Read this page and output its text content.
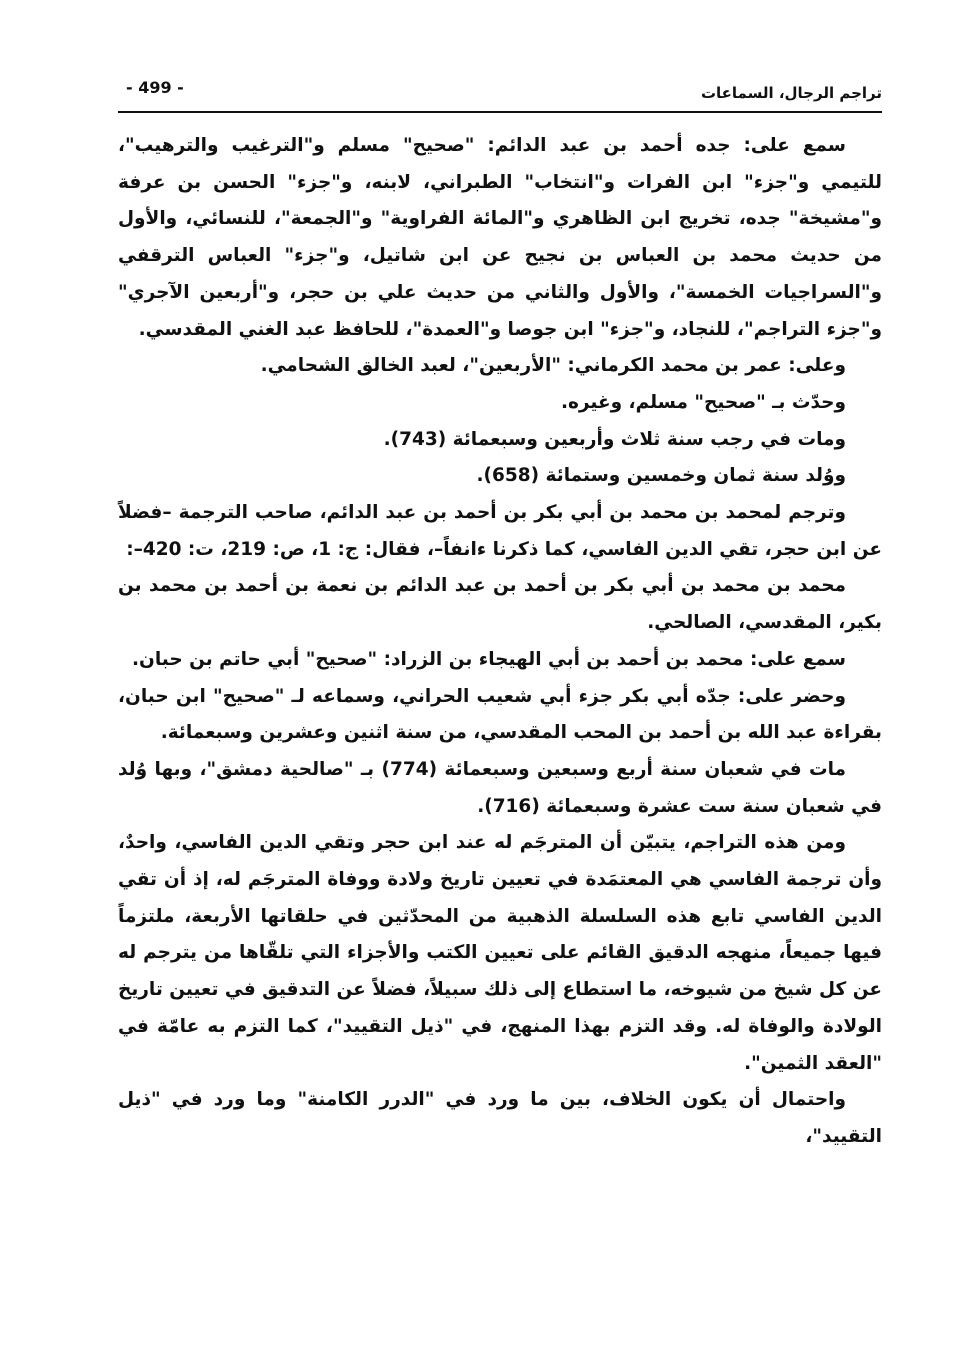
تراجم الرجال، السماعات
- 499 -

سمع على: جده أحمد بن عبد الدائم: "صحيح" مسلم و"الترغيب والترهيب"، للتيمي و"جزء" ابن الفرات و"انتخاب" الطبراني، لابنه، و"جزء" الحسن بن عرفة و"مشيخة" جده، تخريج ابن الظاهري و"المائة الفراوية" و"الجمعة"، للنسائي، والأول من حديث محمد بن العباس بن نجيح عن ابن شاتيل، و"جزء" العباس الترقفي و"السراجيات الخمسة"، والأول والثاني من حديث علي بن حجر، و"أربعين الآجري" و"جزء التراجم"، للنجاد، و"جزء" ابن جوصا و"العمدة"، للحافظ عبد الغني المقدسي.

وعلى: عمر بن محمد الكرماني: "الأربعين"، لعبد الخالق الشحامي.

وحدّث بـ "صحيح" مسلم، وغيره.

ومات في رجب سنة ثلاث وأربعين وسبعمائة (743).

ووُلد سنة ثمان وخمسين وستمائة (658).

وترجم لمحمد بن محمد بن أبي بكر بن أحمد بن عبد الدائم، صاحب الترجمة –فضلاً عن ابن حجر، تقي الدين الفاسي، كما ذكرنا ءانفاً–، فقال: ج: 1، ص: 219، ت: 420–:

محمد بن محمد بن أبي بكر بن أحمد بن عبد الدائم بن نعمة بن أحمد بن محمد بن بكير، المقدسي، الصالحي.

سمع على: محمد بن أحمد بن أبي الهيجاء بن الزراد: "صحيح" أبي حاتم بن حبان.

وحضر على: جدّه أبي بكر جزء أبي شعيب الحراني، وسماعه لـ "صحيح" ابن حبان، بقراءة عبد الله بن أحمد بن المحب المقدسي، من سنة اثنين وعشرين وسبعمائة.

مات في شعبان سنة أربع وسبعين وسبعمائة (774) بـ "صالحية دمشق"، وبها وُلد في شعبان سنة ست عشرة وسبعمائة (716).

ومن هذه التراجم، يتبيّن أن المترجَم له عند ابن حجر وتقي الدين الفاسي، واحدٌ، وأن ترجمة الفاسي هي المعتمَدة في تعيين تاريخ ولادة ووفاة المترجَم له، إذ أن تقي الدين الفاسي تابع هذه السلسلة الذهبية من المحدّثين في حلقاتها الأربعة، ملتزماً فيها جميعاً، منهجه الدقيق القائم على تعيين الكتب والأجزاء التي تلقّاها من يترجم له عن كل شيخ من شيوخه، ما استطاع إلى ذلك سبيلاً، فضلاً عن التدقيق في تعيين تاريخ الولادة والوفاة له. وقد التزم بهذا المنهج، في "ذيل التقييد"، كما التزم به عامّة في "العقد الثمين".

واحتمال أن يكون الخلاف، بين ما ورد في "الدرر الكامنة" وما ورد في "ذيل التقييد"،
